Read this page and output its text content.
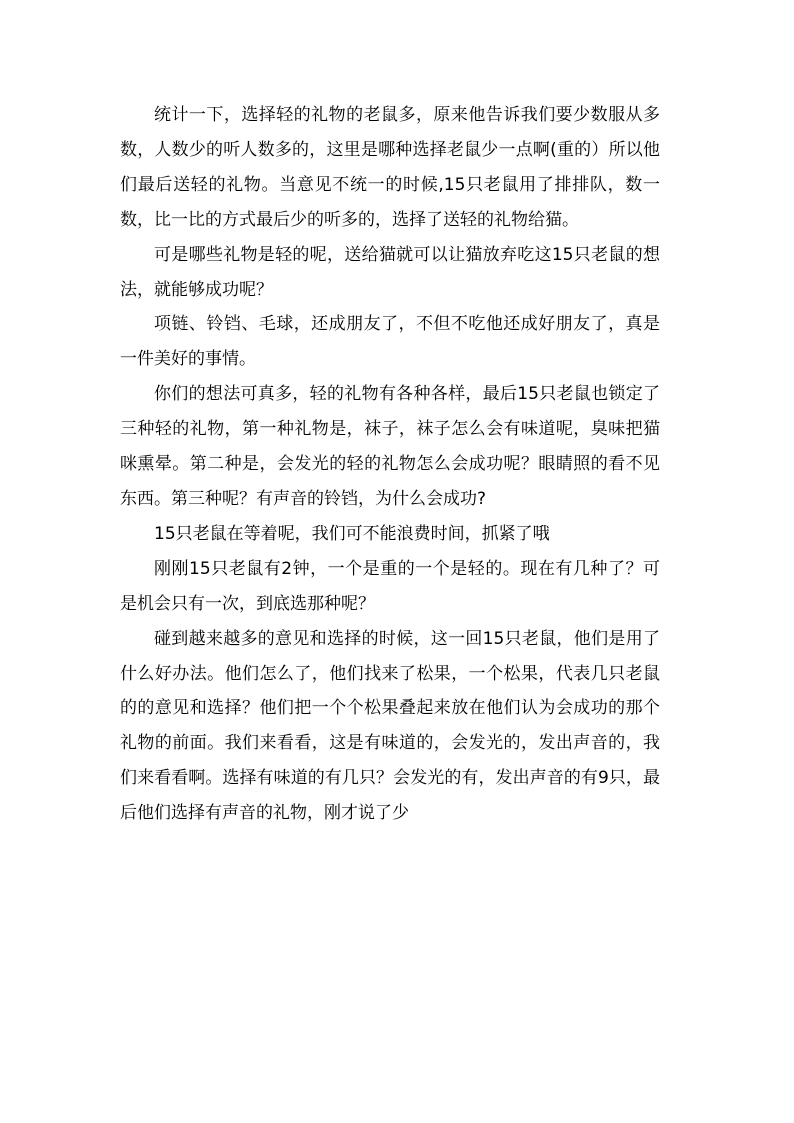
统计一下，选择轻的礼物的老鼠多，原来他告诉我们要少数服从多数，人数少的听人数多的，这里是哪种选择老鼠少一点啊(重的）所以他们最后送轻的礼物。当意见不统一的时候,15只老鼠用了排排队，数一数，比一比的方式最后少的听多的，选择了送轻的礼物给猫。

可是哪些礼物是轻的呢，送给猫就可以让猫放弃吃这15只老鼠的想法，就能够成功呢？

项链、铃铛、毛球，还成朋友了，不但不吃他还成好朋友了，真是一件美好的事情。

你们的想法可真多，轻的礼物有各种各样，最后15只老鼠也锁定了三种轻的礼物，第一种礼物是，袜子，袜子怎么会有味道呢，臭味把猫咪熏晕。第二种是，会发光的轻的礼物怎么会成功呢？眼睛照的看不见东西。第三种呢？有声音的铃铛，为什么会成功?

15只老鼠在等着呢，我们可不能浪费时间，抓紧了哦

刚刚15只老鼠有2钟，一个是重的一个是轻的。现在有几种了？可是机会只有一次，到底选那种呢？

碰到越来越多的意见和选择的时候，这一回15只老鼠，他们是用了什么好办法。他们怎么了，他们找来了松果，一个松果，代表几只老鼠的的意见和选择？他们把一个个松果叠起来放在他们认为会成功的那个礼物的前面。我们来看看，这是有味道的，会发光的，发出声音的，我们来看看啊。选择有味道的有几只？会发光的有，发出声音的有9只，最后他们选择有声音的礼物，刚才说了少
